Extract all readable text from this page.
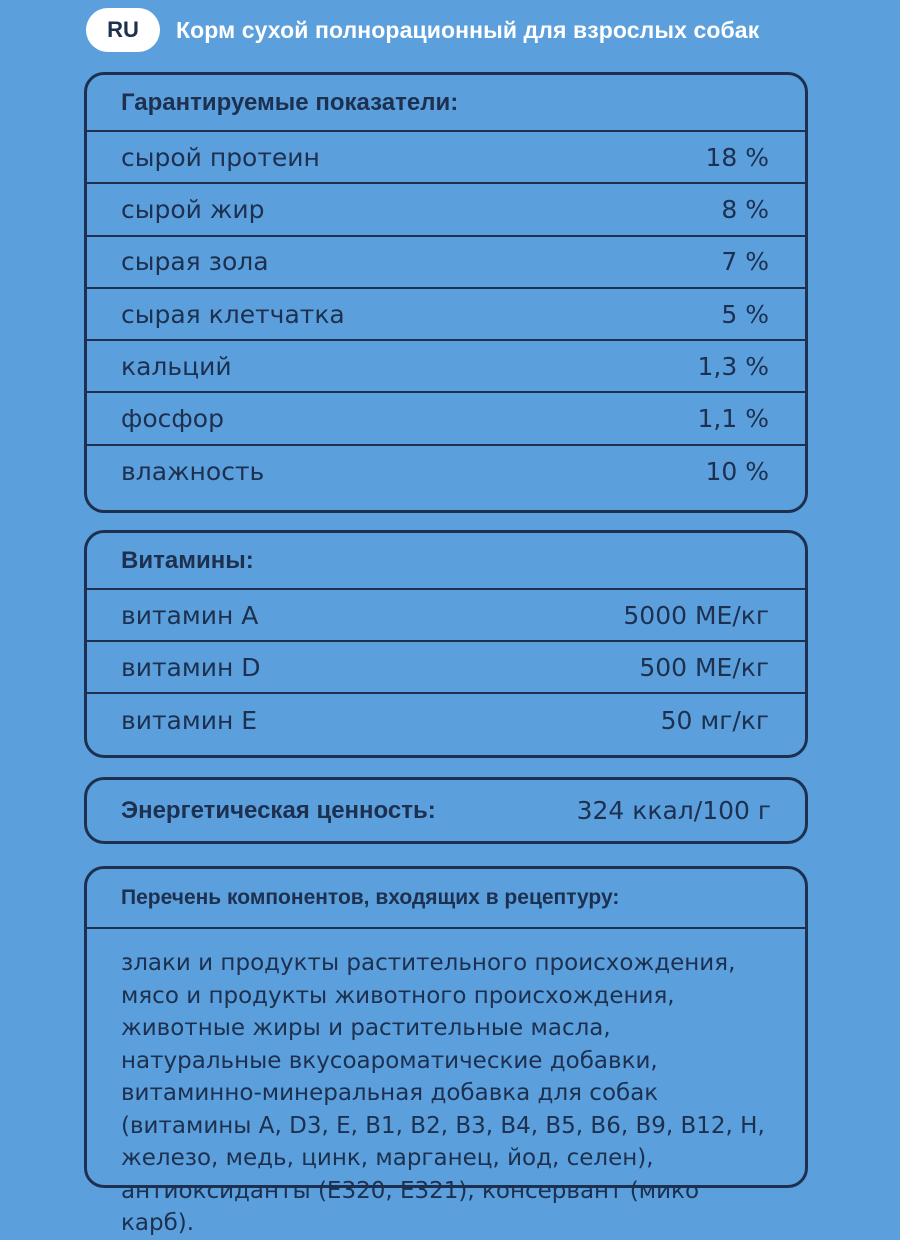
RU	Корм сухой полнорационный для взрослых собак
Гарантируемые показатели:
сырой протеин	18 %
сырой жир	8 %
сырая зола	7 %
сырая клетчатка	5 %
кальций	1,3 %
фосфор	1,1 %
влажность	10 %
Витамины:
витамин А	5000 МЕ/кг
витамин D	500 МЕ/кг
витамин Е	50 мг/кг
Энергетическая ценность:	324 ккал/100 г
Перечень компонентов, входящих в рецептуру:
злаки и продукты растительного происхождения, мясо и продукты животного происхождения, животные жиры и растительные масла, натуральные вкусоароматические добавки, витаминно-минеральная добавка для собак (витамины А, D3, Е, В1, В2, В3, В4, В5, В6, В9, В12, Н, железо, медь, цинк, марганец, йод, селен), антиоксиданты (Е320, Е321), консервант (мико карб).
